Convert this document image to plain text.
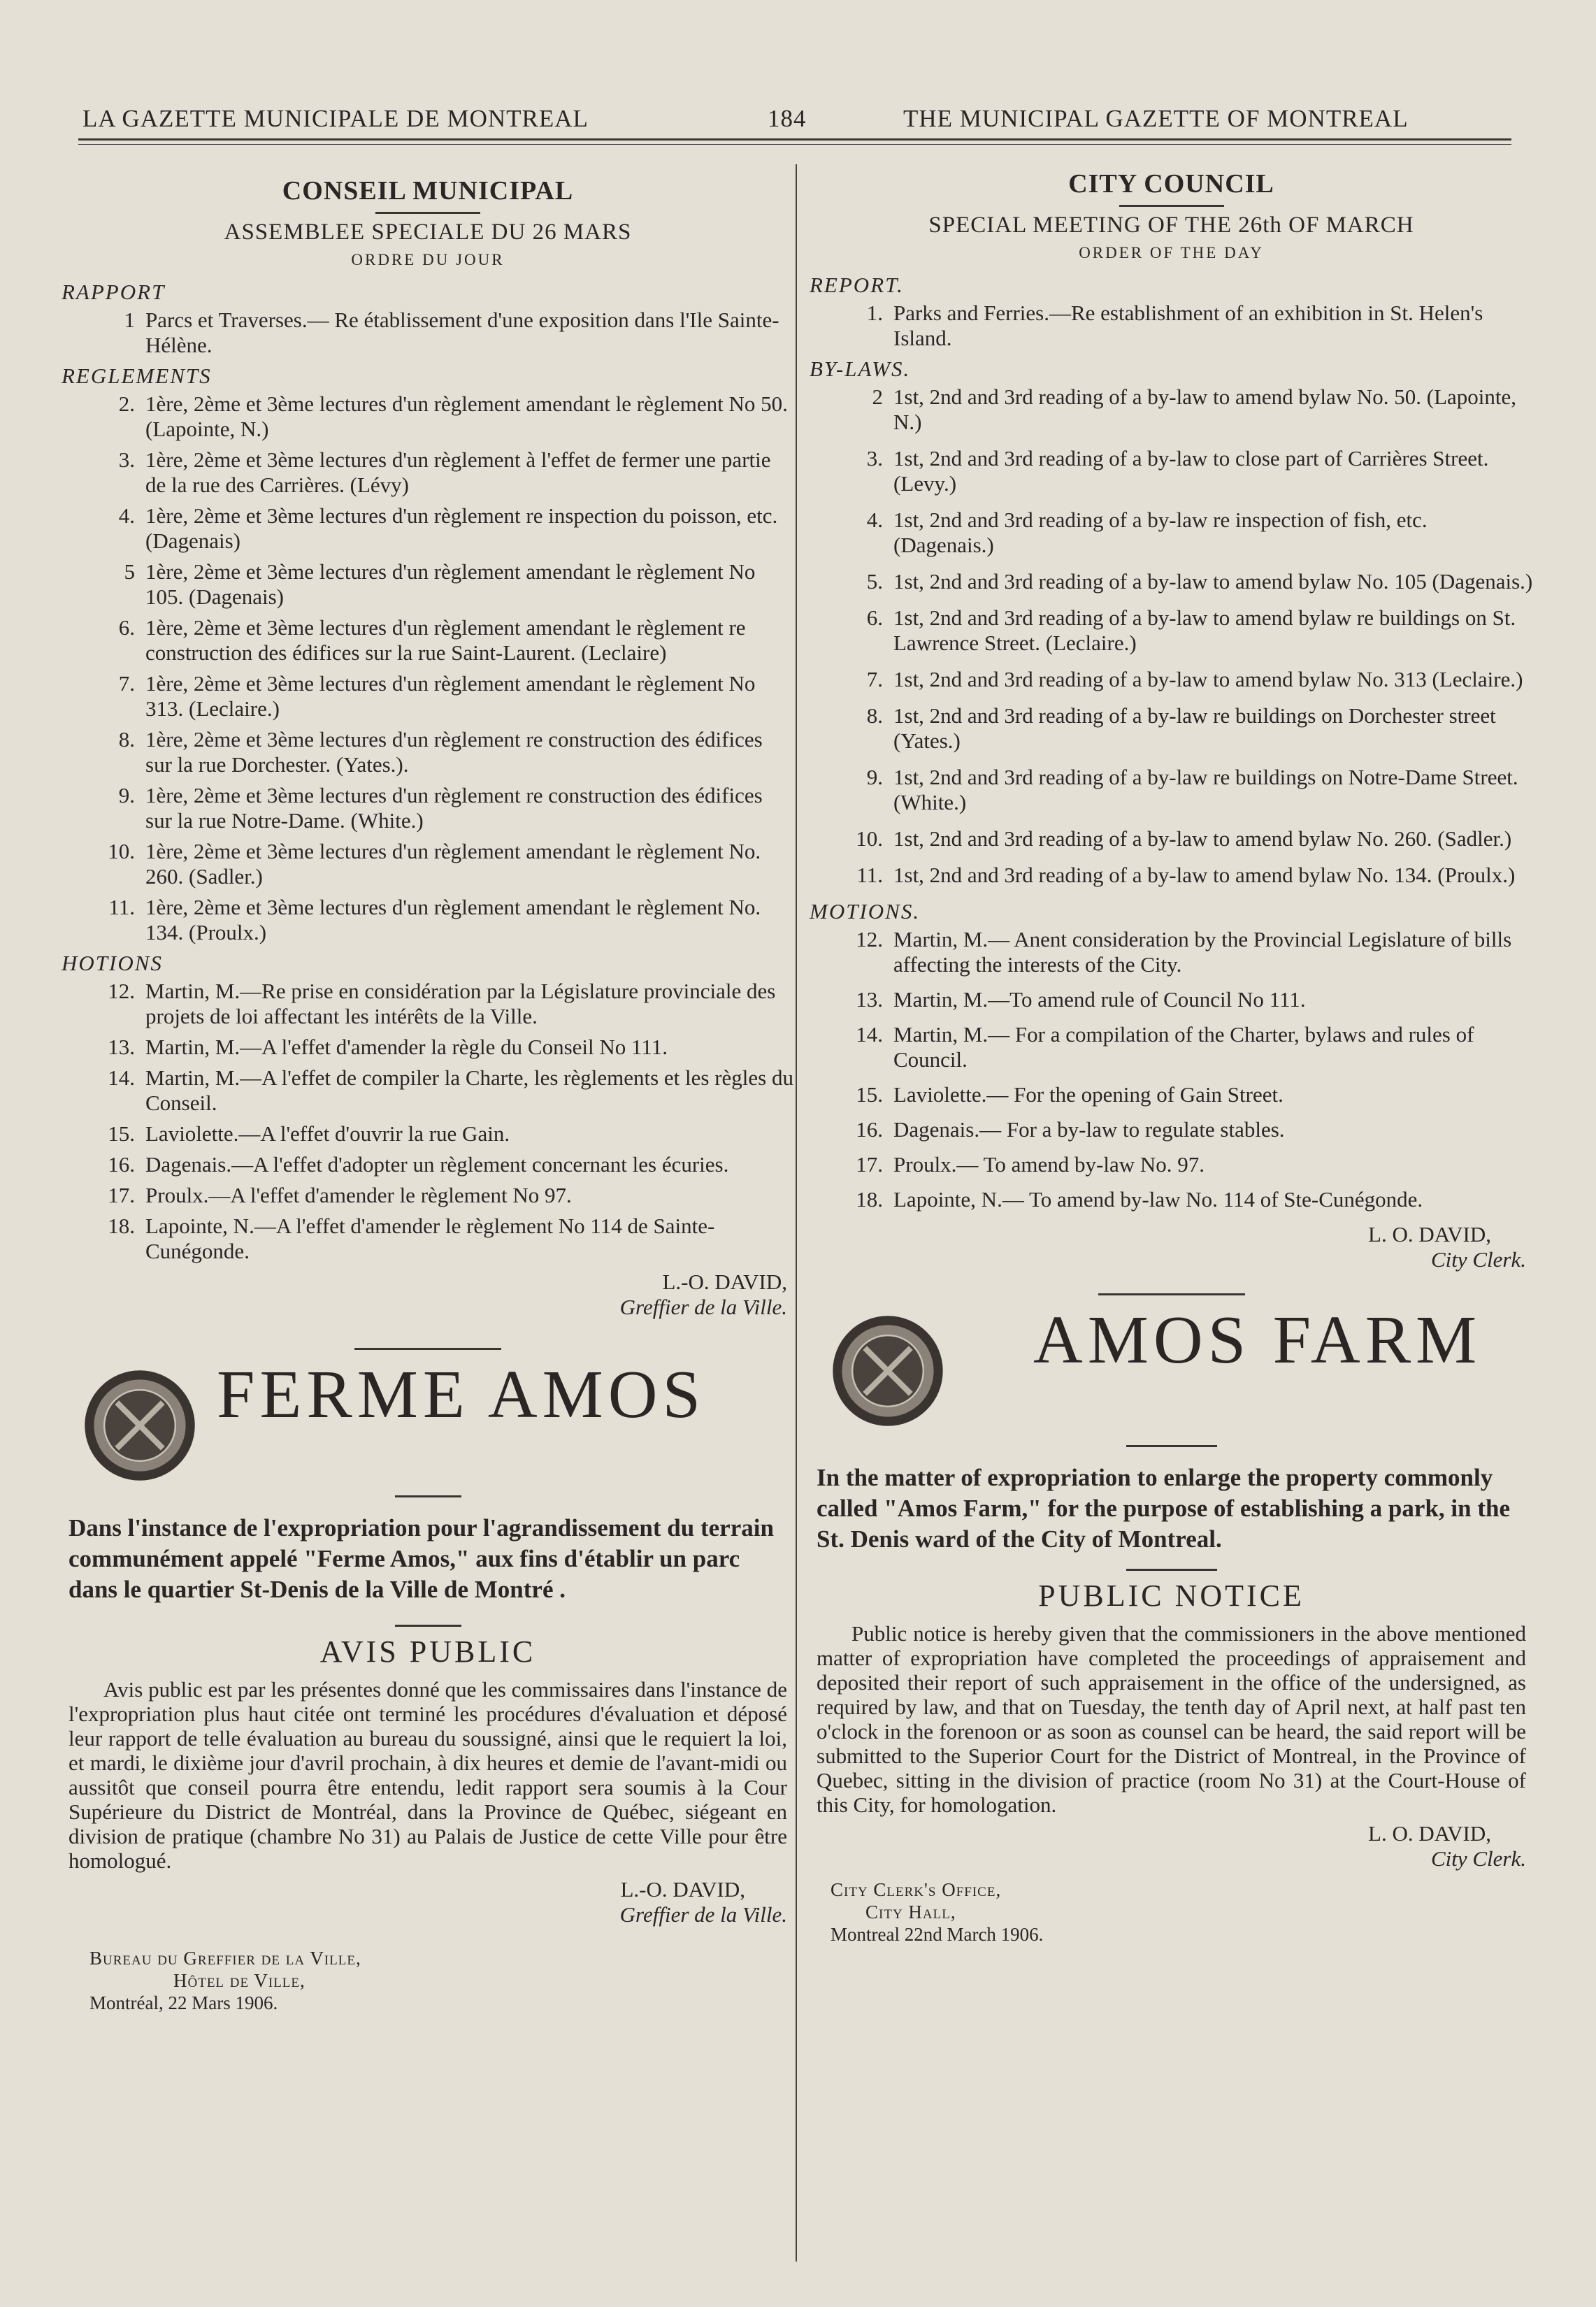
LA GAZETTE MUNICIPALE DE MONTREAL	184	THE MUNICIPAL GAZETTE OF MONTREAL
CONSEIL MUNICIPAL
ASSEMBLEE SPECIALE DU 26 MARS
ORDRE DU JOUR
RAPPORT
1 Parcs et Traverses.— Re établissement d'une exposition dans l'Ile Sainte-Hélène.
REGLEMENTS
2. 1ère, 2ème et 3ème lectures d'un règlement amendant le règlement No 50. (Lapointe, N.)
3. 1ère, 2ème et 3ème lectures d'un règlement à l'effet de fermer une partie de la rue des Carrières. (Lévy)
4. 1ère, 2ème et 3ème lectures d'un règlement re inspection du poisson, etc. (Dagenais)
5 1ère, 2ème et 3ème lectures d'un règlement amendant le règlement No 105. (Dagenais)
6. 1ère, 2ème et 3ème lectures d'un règlement amendant le règlement re construction des édifices sur la rue Saint-Laurent. (Leclaire)
7. 1ère, 2ème et 3ème lectures d'un règlement amendant le règlement No 313. (Leclaire.)
8. 1ère, 2ème et 3ème lectures d'un règlement re construction des édifices sur la rue Dorchester. (Yates.).
9. 1ère, 2ème et 3ème lectures d'un règlement re construction des édifices sur la rue Notre-Dame. (White.)
10. 1ère, 2ème et 3ème lectures d'un règlement amendant le règlement No. 260. (Sadler.)
11. 1ère, 2ème et 3ème lectures d'un règlement amendant le règlement No. 134. (Proulx.)
HOTIONS
12. Martin, M.—Re prise en considération par la Législature provinciale des projets de loi affectant les intérêts de la Ville.
13. Martin, M.—A l'effet d'amender la règle du Conseil No 111.
14. Martin, M.—A l'effet de compiler la Charte, les règlements et les règles du Conseil.
15. Laviolette.—A l'effet d'ouvrir la rue Gain.
16. Dagenais.—A l'effet d'adopter un règlement concernant les écuries.
17. Proulx.—A l'effet d'amender le règlement No 97.
18. Lapointe, N.—A l'effet d'amender le règlement No 114 de Sainte-Cunégonde.
L.-O. DAVID,
Greffier de la Ville.
FERME AMOS
Dans l'instance de l'expropriation pour l'agrandissement du terrain communément appelé "Ferme Amos," aux fins d'établir un parc dans le quartier St-Denis de la Ville de Montré .
AVIS PUBLIC
Avis public est par les présentes donné que les commissaires dans l'instance de l'expropriation plus haut citée ont terminé les procédures d'évaluation et déposé leur rapport de telle évaluation au bureau du soussigné, ainsi que le requiert la loi, et mardi, le dixième jour d'avril prochain, à dix heures et demie de l'avant-midi ou aussitôt que conseil pourra être entendu, ledit rapport sera soumis à la Cour Supérieure du District de Montréal, dans la Province de Québec, siégeant en division de pratique (chambre No 31) au Palais de Justice de cette Ville pour être homologué.
L.-O. DAVID,
Greffier de la Ville.
Bureau du Greffier de la Ville,
Hôtel de Ville,
Montréal, 22 Mars 1906.
CITY COUNCIL
SPECIAL MEETING OF THE 26th OF MARCH
ORDER OF THE DAY
REPORT.
1. Parks and Ferries.—Re establishment of an exhibition in St. Helen's Island.
BY-LAWS.
2 1st, 2nd and 3rd reading of a by-law to amend bylaw No. 50. (Lapointe, N.)
3. 1st, 2nd and 3rd reading of a by-law to close part of Carrières Street. (Levy.)
4. 1st, 2nd and 3rd reading of a by-law re inspection of fish, etc. (Dagenais.)
5. 1st, 2nd and 3rd reading of a by-law to amend bylaw No. 105 (Dagenais.)
6. 1st, 2nd and 3rd reading of a by-law to amend bylaw re buildings on St. Lawrence Street. (Leclaire.)
7. 1st, 2nd and 3rd reading of a by-law to amend bylaw No. 313 (Leclaire.)
8. 1st, 2nd and 3rd reading of a by-law re buildings on Dorchester street (Yates.)
9. 1st, 2nd and 3rd reading of a by-law re buildings on Notre-Dame Street. (White.)
10. 1st, 2nd and 3rd reading of a by-law to amend bylaw No. 260. (Sadler.)
11. 1st, 2nd and 3rd reading of a by-law to amend bylaw No. 134. (Proulx.)
MOTIONS.
12. Martin, M.— Anent consideration by the Provincial Legislature of bills affecting the interests of the City.
13. Martin, M.—To amend rule of Council No 111.
14. Martin, M.— For a compilation of the Charter, bylaws and rules of Council.
15. Laviolette.— For the opening of Gain Street.
16. Dagenais.— For a by-law to regulate stables.
17. Proulx.— To amend by-law No. 97.
18. Lapointe, N.— To amend by-law No. 114 of Ste-Cunégonde.
L. O. DAVID,
City Clerk.
AMOS FARM
In the matter of expropriation to enlarge the property commonly called "Amos Farm," for the purpose of establishing a park, in the St. Denis ward of the City of Montreal.
PUBLIC NOTICE
Public notice is hereby given that the commissioners in the above mentioned matter of expropriation have completed the proceedings of appraisement and deposited their report of such appraisement in the office of the undersigned, as required by law, and that on Tuesday, the tenth day of April next, at half past ten o'clock in the forenoon or as soon as counsel can be heard, the said report will be submitted to the Superior Court for the District of Montreal, in the Province of Quebec, sitting in the division of practice (room No 31) at the Court-House of this City, for homologation.
L. O. DAVID,
City Clerk.
City Clerk's Office,
City Hall,
Montreal 22nd March 1906.
